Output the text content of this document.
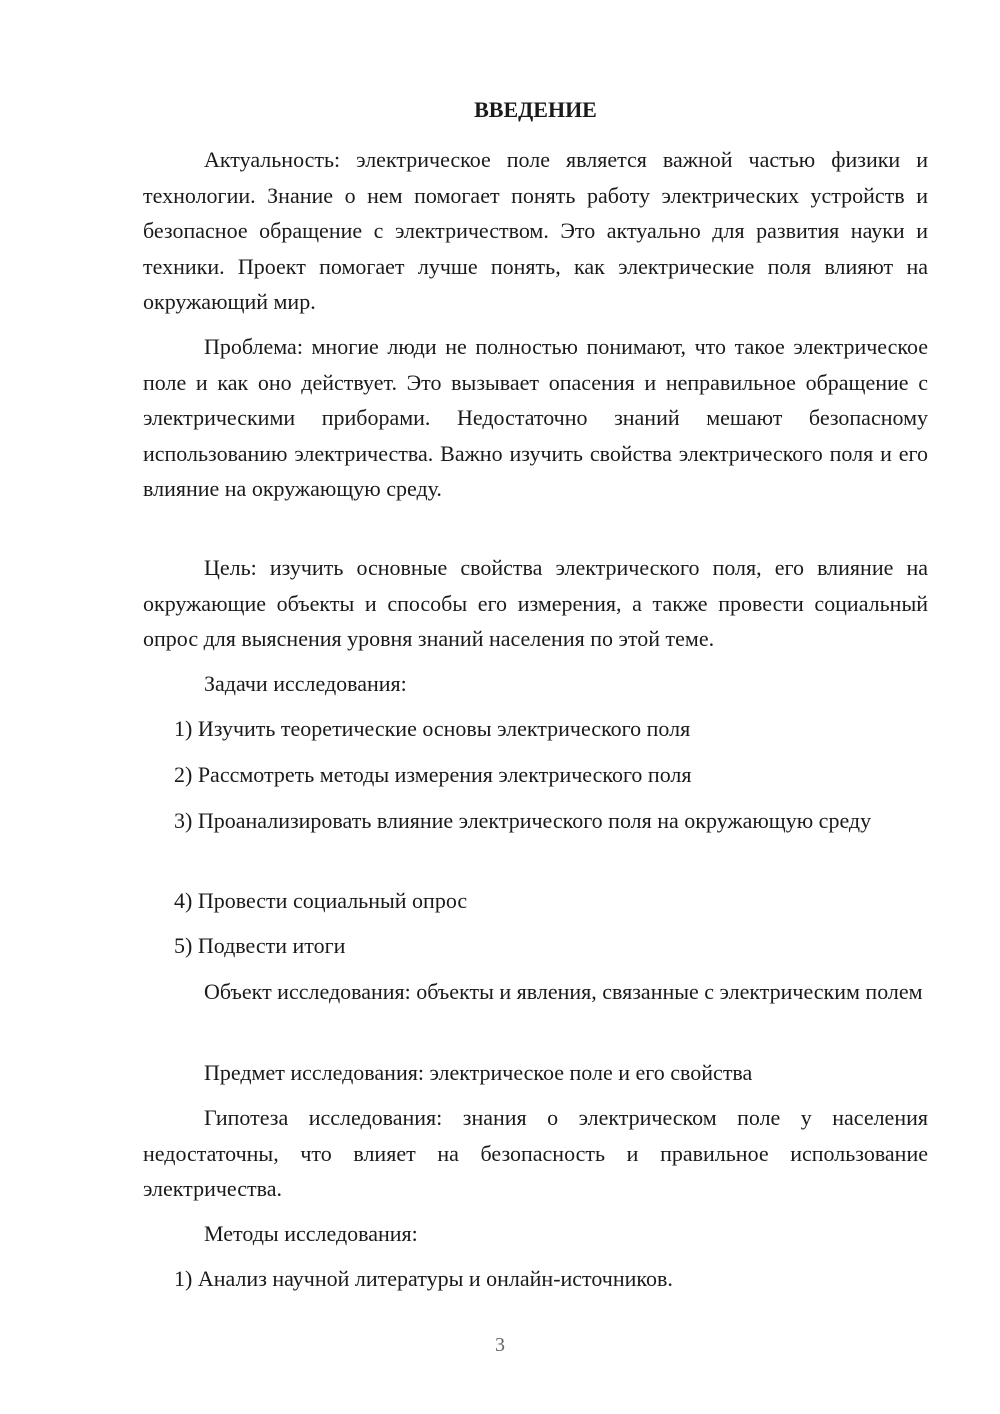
ВВЕДЕНИЕ

Актуальность: электрическое поле является важной частью физики и технологии. Знание о нем помогает понять работу электрических устройств и безопасное обращение с электричеством. Это актуально для развития науки и техники. Проект помогает лучше понять, как электрические поля влияют на окружающий мир.

Проблема: многие люди не полностью понимают, что такое электрическое поле и как оно действует. Это вызывает опасения и неправильное обращение с электрическими приборами. Недостаточно знаний мешают безопасному использованию электричества. Важно изучить свойства электрического поля и его влияние на окружающую среду.

Цель: изучить основные свойства электрического поля, его влияние на окружающие объекты и способы его измерения, а также провести социальный опрос для выяснения уровня знаний населения по этой теме.

Задачи исследования:

1) Изучить теоретические основы электрического поля

2) Рассмотреть методы измерения электрического поля

3) Проанализировать влияние электрического поля на окружающую среду

4) Провести социальный опрос

5) Подвести итоги

Объект исследования: объекты и явления, связанные с электрическим полем

Предмет исследования: электрическое поле и его свойства

Гипотеза исследования: знания о электрическом поле у населения недостаточны, что влияет на безопасность и правильное использование электричества.

Методы исследования:

1) Анализ научной литературы и онлайн-источников.

3
